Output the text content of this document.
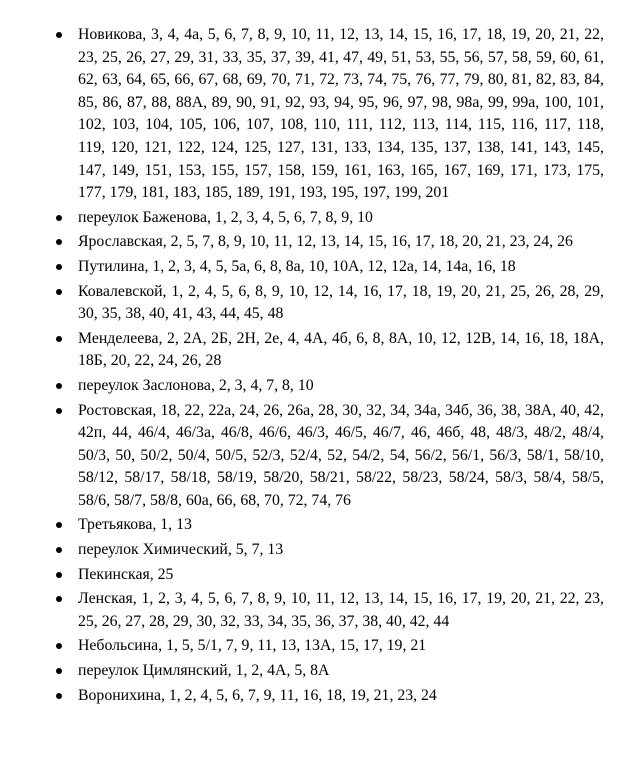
Новикова, 3, 4, 4а, 5, 6, 7, 8, 9, 10, 11, 12, 13, 14, 15, 16, 17, 18, 19, 20, 21, 22, 23, 25, 26, 27, 29, 31, 33, 35, 37, 39, 41, 47, 49, 51, 53, 55, 56, 57, 58, 59, 60, 61, 62, 63, 64, 65, 66, 67, 68, 69, 70, 71, 72, 73, 74, 75, 76, 77, 79, 80, 81, 82, 83, 84, 85, 86, 87, 88, 88А, 89, 90, 91, 92, 93, 94, 95, 96, 97, 98, 98а, 99, 99а, 100, 101, 102, 103, 104, 105, 106, 107, 108, 110, 111, 112, 113, 114, 115, 116, 117, 118, 119, 120, 121, 122, 124, 125, 127, 131, 133, 134, 135, 137, 138, 141, 143, 145, 147, 149, 151, 153, 155, 157, 158, 159, 161, 163, 165, 167, 169, 171, 173, 175, 177, 179, 181, 183, 185, 189, 191, 193, 195, 197, 199, 201
переулок Баженова, 1, 2, 3, 4, 5, 6, 7, 8, 9, 10
Ярославская, 2, 5, 7, 8, 9, 10, 11, 12, 13, 14, 15, 16, 17, 18, 20, 21, 23, 24, 26
Путилина, 1, 2, 3, 4, 5, 5а, 6, 8, 8а, 10, 10А, 12, 12а, 14, 14а, 16, 18
Ковалевской, 1, 2, 4, 5, 6, 8, 9, 10, 12, 14, 16, 17, 18, 19, 20, 21, 25, 26, 28, 29, 30, 35, 38, 40, 41, 43, 44, 45, 48
Менделеева, 2, 2А, 2Б, 2Н, 2е, 4, 4А, 4б, 6, 8, 8А, 10, 12, 12В, 14, 16, 18, 18А, 18Б, 20, 22, 24, 26, 28
переулок Заслонова, 2, 3, 4, 7, 8, 10
Ростовская, 18, 22, 22а, 24, 26, 26а, 28, 30, 32, 34, 34а, 34б, 36, 38, 38А, 40, 42, 42п, 44, 46/4, 46/3а, 46/8, 46/6, 46/3, 46/5, 46/7, 46, 46б, 48, 48/3, 48/2, 48/4, 50/3, 50, 50/2, 50/4, 50/5, 52/3, 52/4, 52, 54/2, 54, 56/2, 56/1, 56/3, 58/1, 58/10, 58/12, 58/17, 58/18, 58/19, 58/20, 58/21, 58/22, 58/23, 58/24, 58/3, 58/4, 58/5, 58/6, 58/7, 58/8, 60а, 66, 68, 70, 72, 74, 76
Третьякова, 1, 13
переулок Химический, 5, 7, 13
Пекинская, 25
Ленская, 1, 2, 3, 4, 5, 6, 7, 8, 9, 10, 11, 12, 13, 14, 15, 16, 17, 19, 20, 21, 22, 23, 25, 26, 27, 28, 29, 30, 32, 33, 34, 35, 36, 37, 38, 40, 42, 44
Небольсина, 1, 5, 5/1, 7, 9, 11, 13, 13А, 15, 17, 19, 21
переулок Цимлянский, 1, 2, 4А, 5, 8А
Воронихина, 1, 2, 4, 5, 6, 7, 9, 11, 16, 18, 19, 21, 23, 24
